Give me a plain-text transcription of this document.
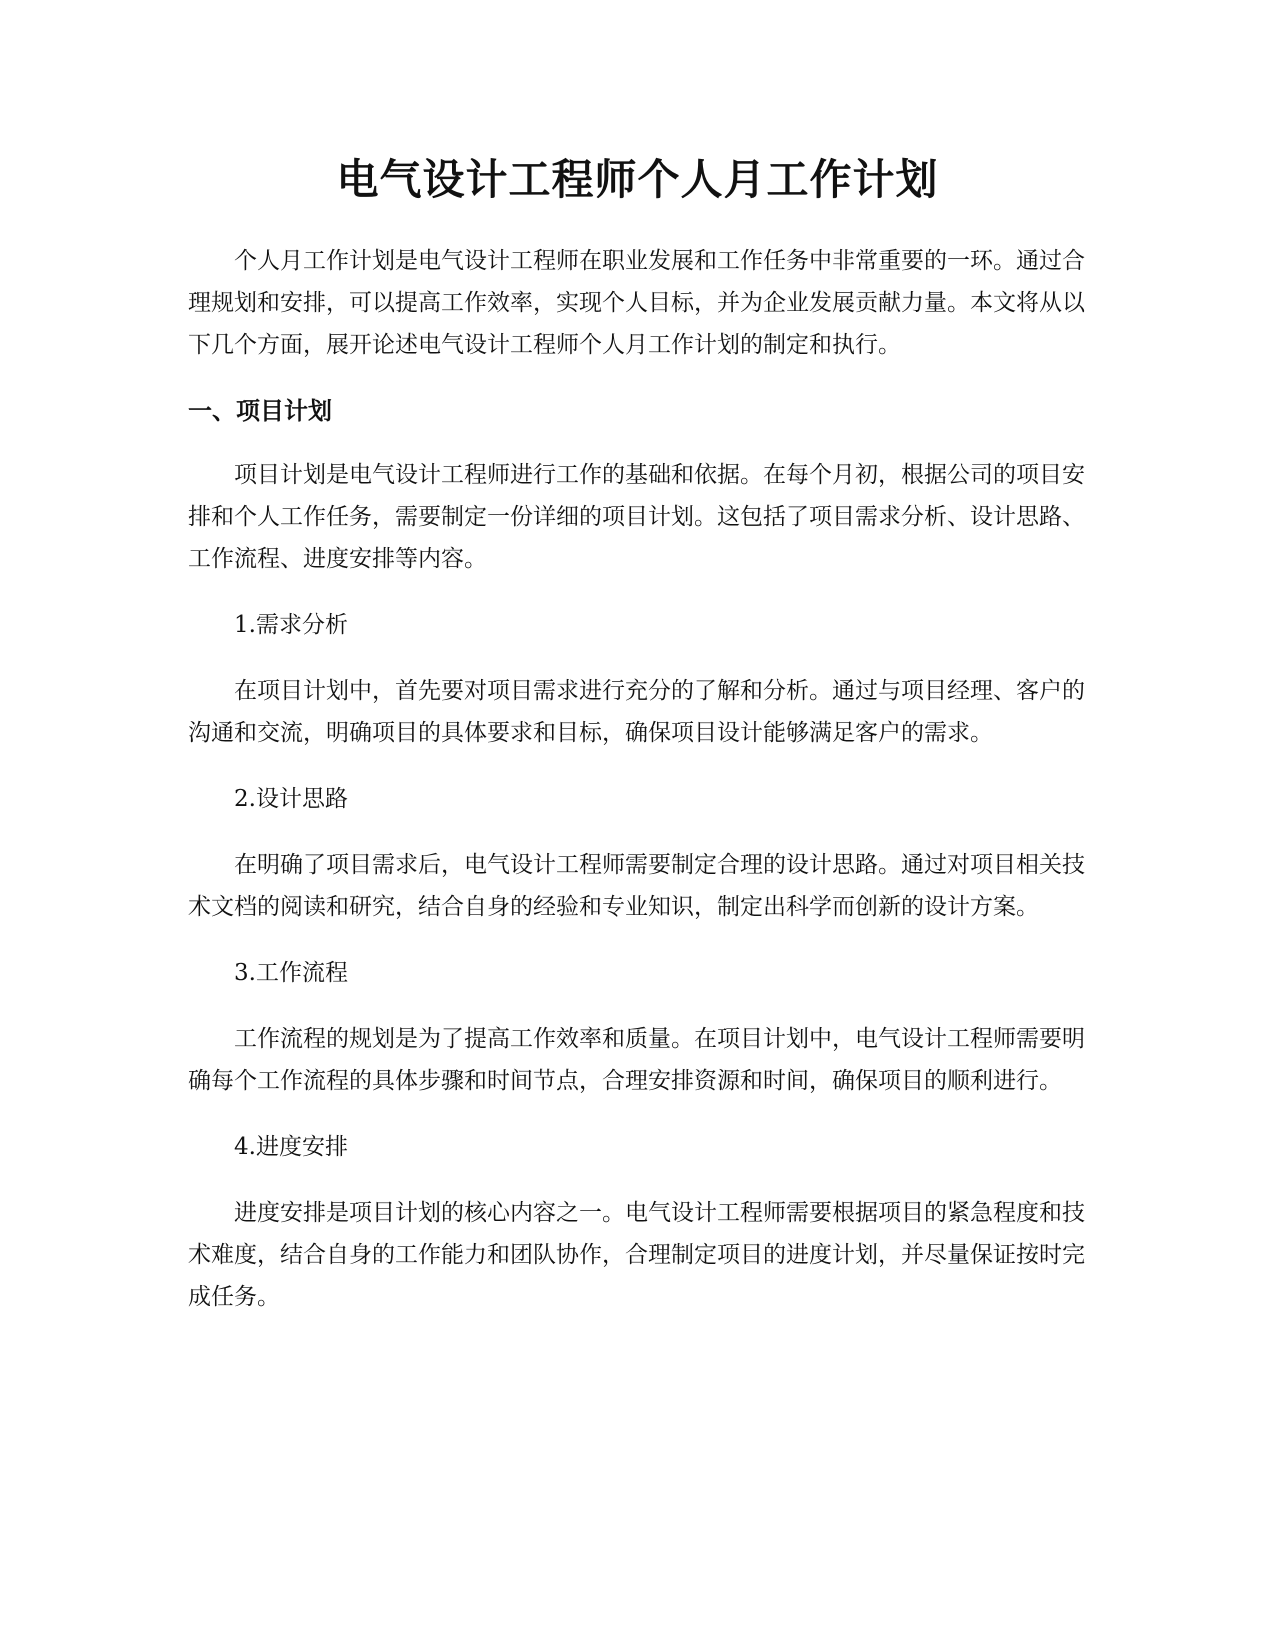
电气设计工程师个人月工作计划

个人月工作计划是电气设计工程师在职业发展和工作任务中非常重要的一环。通过合理规划和安排，可以提高工作效率，实现个人目标，并为企业发展贡献力量。本文将从以下几个方面，展开论述电气设计工程师个人月工作计划的制定和执行。

一、项目计划

项目计划是电气设计工程师进行工作的基础和依据。在每个月初，根据公司的项目安排和个人工作任务，需要制定一份详细的项目计划。这包括了项目需求分析、设计思路、工作流程、进度安排等内容。

1.需求分析

在项目计划中，首先要对项目需求进行充分的了解和分析。通过与项目经理、客户的沟通和交流，明确项目的具体要求和目标，确保项目设计能够满足客户的需求。

2.设计思路

在明确了项目需求后，电气设计工程师需要制定合理的设计思路。通过对项目相关技术文档的阅读和研究，结合自身的经验和专业知识，制定出科学而创新的设计方案。

3.工作流程

工作流程的规划是为了提高工作效率和质量。在项目计划中，电气设计工程师需要明确每个工作流程的具体步骤和时间节点，合理安排资源和时间，确保项目的顺利进行。

4.进度安排

进度安排是项目计划的核心内容之一。电气设计工程师需要根据项目的紧急程度和技术难度，结合自身的工作能力和团队协作，合理制定项目的进度计划，并尽量保证按时完成任务。
